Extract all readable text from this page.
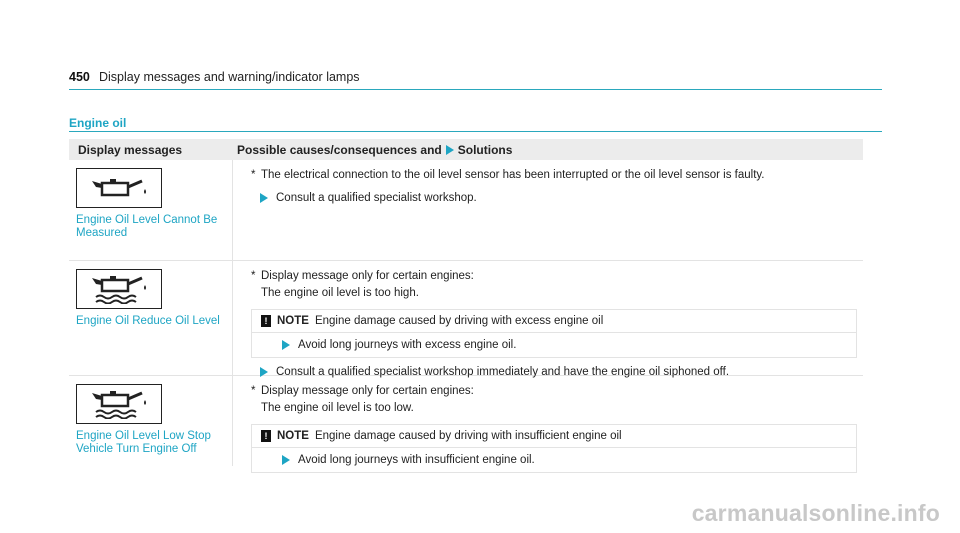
450 Display messages and warning/indicator lamps
Engine oil
Display messages	Possible causes/consequences and Solutions
Engine Oil Level Cannot Be Measured
* The electrical connection to the oil level sensor has been interrupted or the oil level sensor is faulty.
Consult a qualified specialist workshop.
Engine Oil Reduce Oil Level
* Display message only for certain engines:
The engine oil level is too high.
! NOTE Engine damage caused by driving with excess engine oil
Avoid long journeys with excess engine oil.
Consult a qualified specialist workshop immediately and have the engine oil siphoned off.
Engine Oil Level Low Stop Vehicle Turn Engine Off
* Display message only for certain engines:
The engine oil level is too low.
! NOTE Engine damage caused by driving with insufficient engine oil
Avoid long journeys with insufficient engine oil.
carmanualsonline.info
